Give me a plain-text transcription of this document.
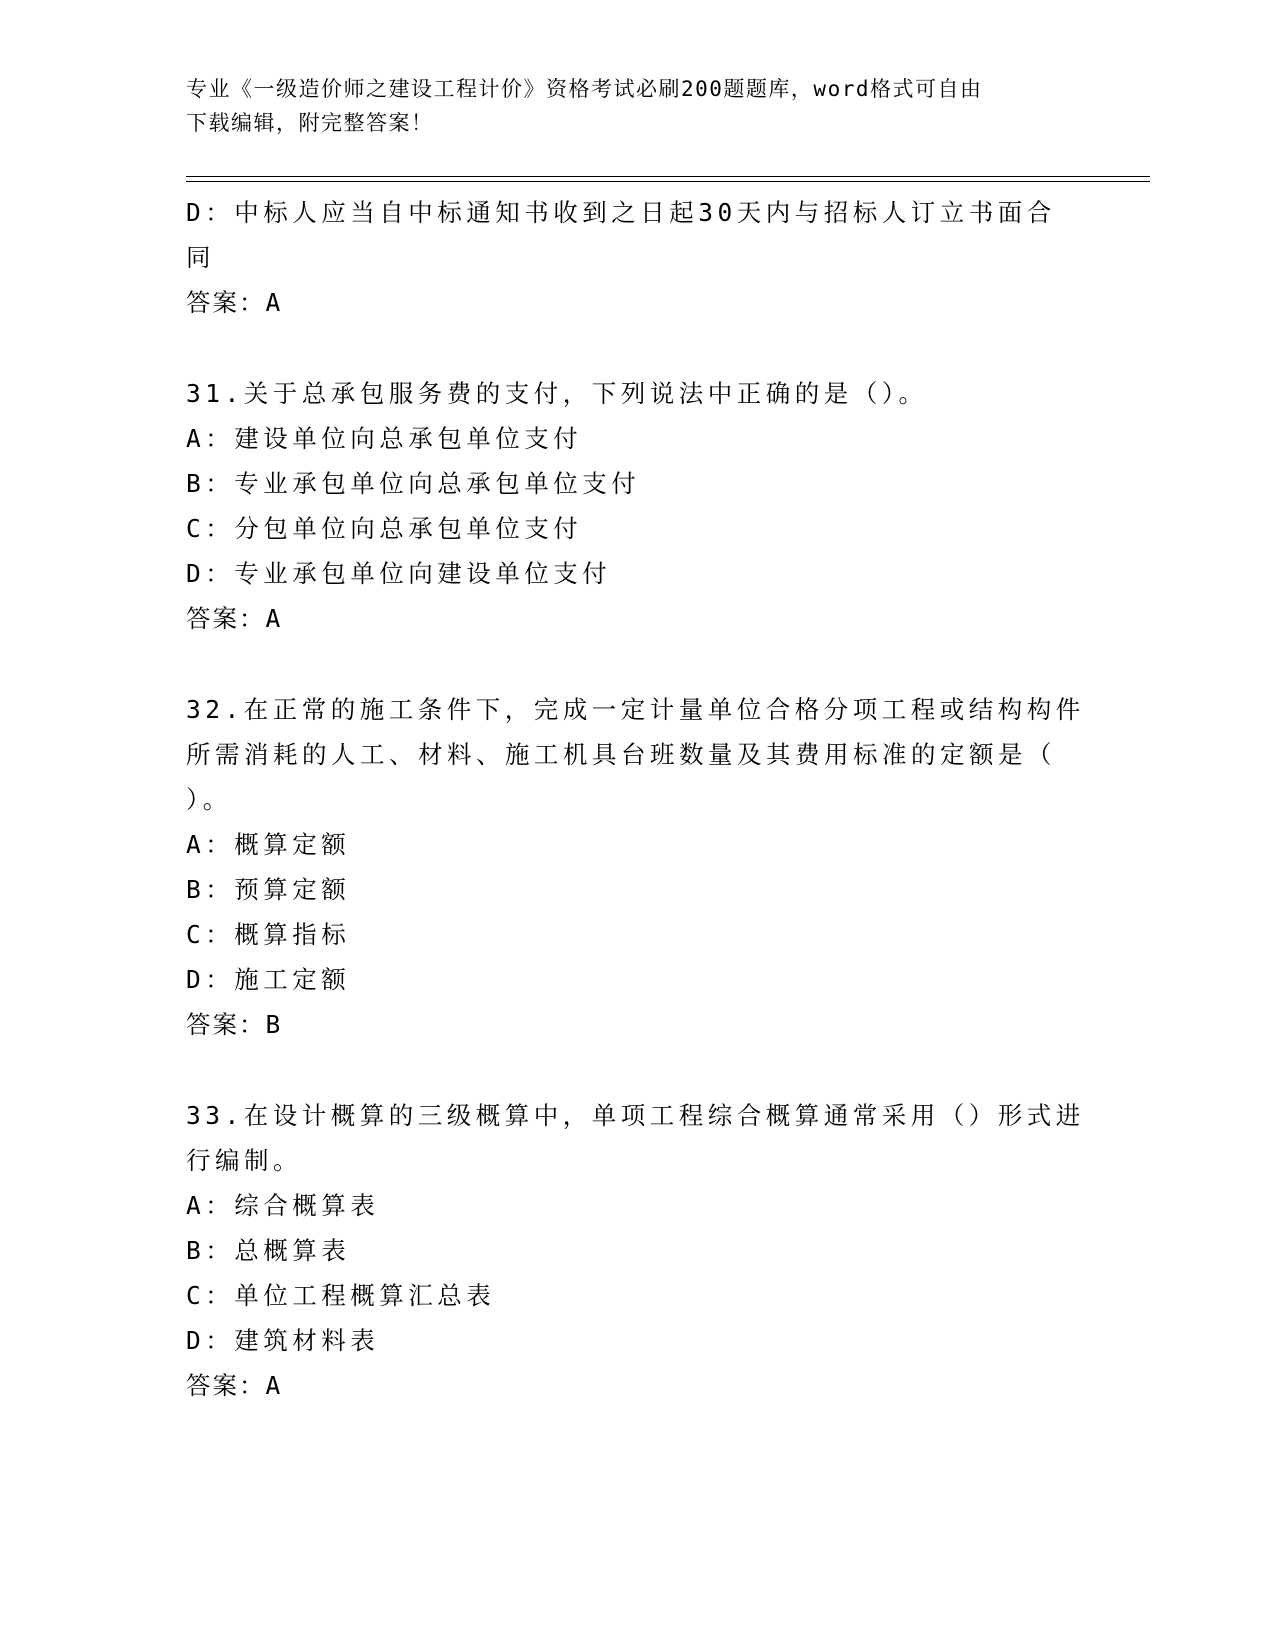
专业《一级造价师之建设工程计价》资格考试必刷200题题库，word格式可自由
下载编辑，附完整答案！
D：中标人应当自中标通知书收到之日起30天内与招标人订立书面合
同
答案：A
31.关于总承包服务费的支付，下列说法中正确的是（）。
A：建设单位向总承包单位支付
B：专业承包单位向总承包单位支付
C：分包单位向总承包单位支付
D：专业承包单位向建设单位支付
答案：A
32.在正常的施工条件下，完成一定计量单位合格分项工程或结构构件
所需消耗的人工、材料、施工机具台班数量及其费用标准的定额是（
）。
A：概算定额
B：预算定额
C：概算指标
D：施工定额
答案：B
33.在设计概算的三级概算中，单项工程综合概算通常采用（）形式进
行编制。
A：综合概算表
B：总概算表
C：单位工程概算汇总表
D：建筑材料表
答案：A
